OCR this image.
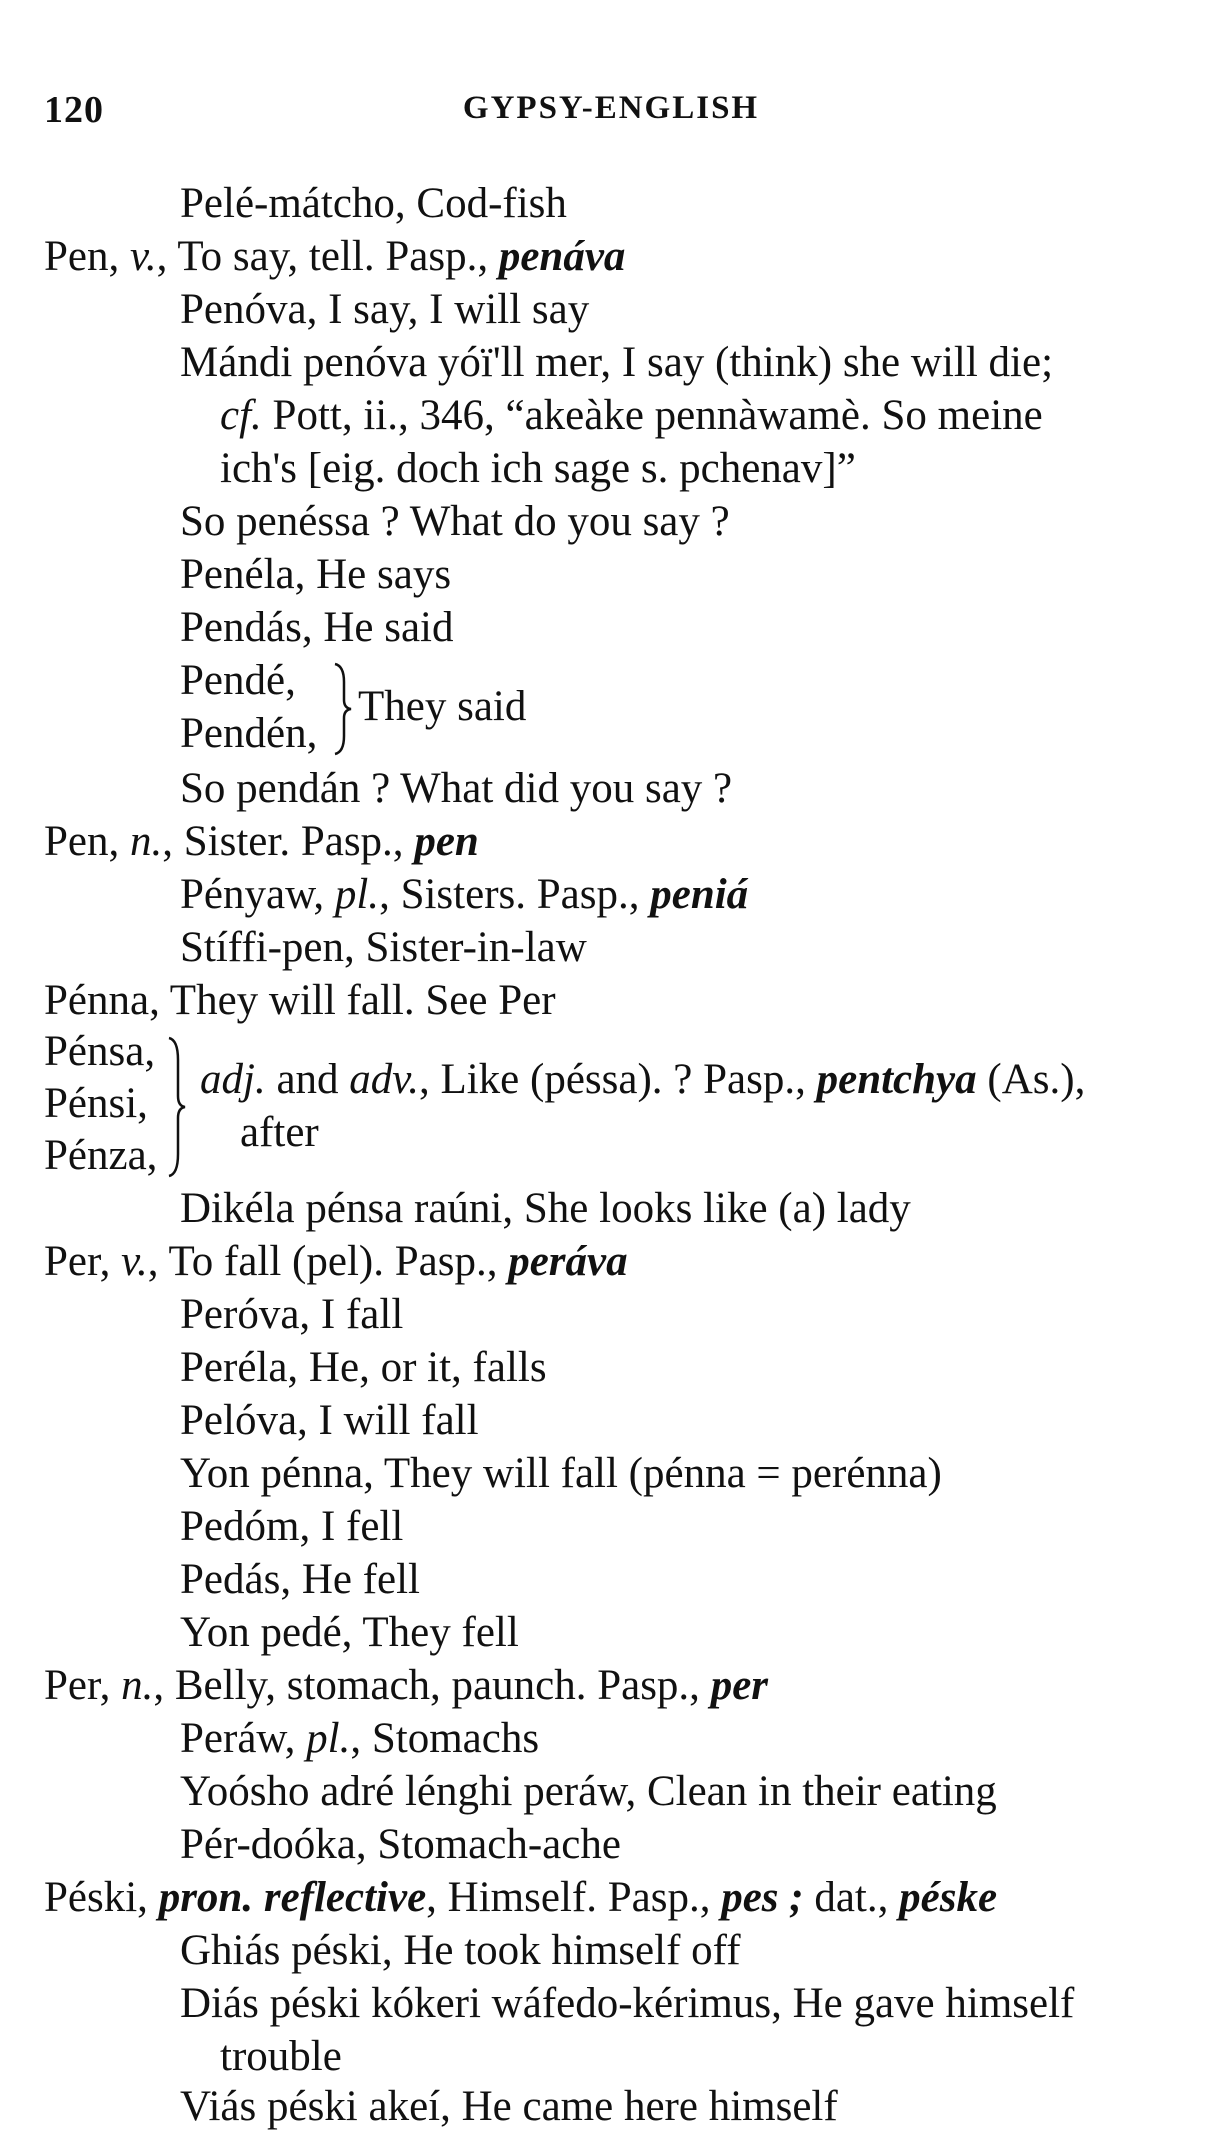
120	GYPSY-ENGLISH
Pelé-mátcho, Cod-fish
Pen, v., To say, tell. Pasp., penáva
Penóva, I say, I will say
Mándi penóva yóï'll mer, I say (think) she will die;
cf. Pott, ii., 346, “akeàke pennàwamè. So meine
ich's [eig. doch ich sage s. pchenav]”
So penéssa ? What do you say ?
Penéla, He says
Pendás, He said
Pendé,
Pendén,
They said
So pendán ? What did you say ?
Pen, n., Sister. Pasp., pen
Pényaw, pl., Sisters. Pasp., peniá
Stíffi-pen, Sister-in-law
Pénna, They will fall. See Per
Pénsa,
Pénsi,
Pénza,
adj. and adv., Like (péssa). ? Pasp., pentchya (As.),
after
Dikéla pénsa raúni, She looks like (a) lady
Per, v., To fall (pel). Pasp., peráva
Peróva, I fall
Peréla, He, or it, falls
Pelóva, I will fall
Yon pénna, They will fall (pénna = perénna)
Pedóm, I fell
Pedás, He fell
Yon pedé, They fell
Per, n., Belly, stomach, paunch. Pasp., per
Peráw, pl., Stomachs
Yoósho adré lénghi peráw, Clean in their eating
Pér-doóka, Stomach-ache
Péski, pron. reflective, Himself. Pasp., pes ; dat., péske
Ghiás péski, He took himself off
Diás péski kókeri wáfedo-kérimus, He gave himself
trouble
Viás péski akeí, He came here himself
